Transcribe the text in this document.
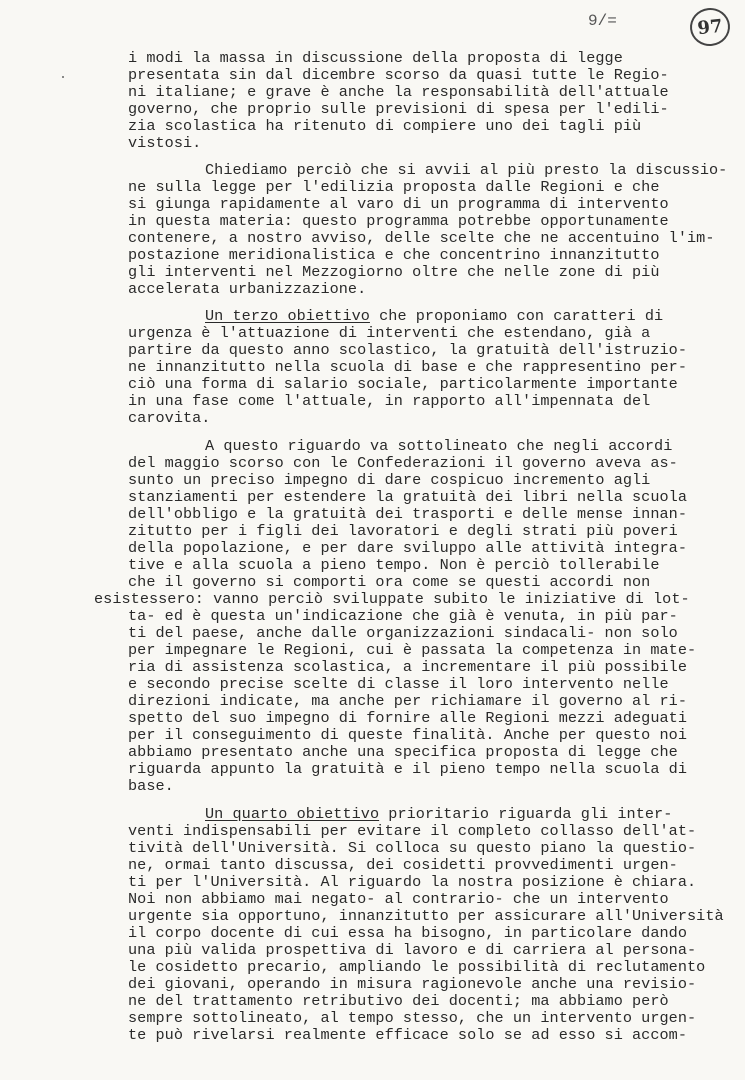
9/=	97
i modi la massa in discussione della proposta di legge
presentata sin dal dicembre scorso da quasi tutte le Regio-
ni italiane; e grave è anche la responsabilità dell'attuale
governo, che proprio sulle previsioni di spesa per l'edili-
zia scolastica ha ritenuto di compiere uno dei tagli più
vistosi.
Chiediamo perciò che si avvii al più presto la discussio-
ne sulla legge per l'edilizia proposta dalle Regioni e che
si giunga rapidamente al varo di un programma di intervento
in questa materia: questo programma potrebbe opportunamente
contenere, a nostro avviso, delle scelte che ne accentuino l'im-
postazione meridionalistica e che concentrino innanzitutto
gli interventi nel Mezzogiorno oltre che nelle zone di più
accelerata urbanizzazione.
Un terzo obiettivo che proponiamo con caratteri di
urgenza è l'attuazione di interventi che estendano, già a
partire da questo anno scolastico, la gratuità dell'istruzio-
ne innanzitutto nella scuola di base e che rappresentino per-
ciò una forma di salario sociale, particolarmente importante
in una fase come l'attuale, in rapporto all'impennata del
carovita.
A questo riguardo va sottolineato che negli accordi
del maggio scorso con le Confederazioni il governo aveva as-
sunto un preciso impegno di dare cospicuo incremento agli
stanziamenti per estendere la gratuità dei libri nella scuola
dell'obbligo e la gratuità dei trasporti e delle mense innan-
zitutto per i figli dei lavoratori e degli strati più poveri
della popolazione, e per dare sviluppo alle attività integra-
tive e alla scuola a pieno tempo. Non è perciò tollerabile
che il governo si comporti ora come se questi accordi non
esistessero: vanno perciò sviluppate subito le iniziative di lot-
ta- ed è questa un'indicazione che già è venuta, in più par-
ti del paese, anche dalle organizzazioni sindacali- non solo
per impegnare le Regioni, cui è passata la competenza in mate-
ria di assistenza scolastica, a incrementare il più possibile
e secondo precise scelte di classe il loro intervento nelle
direzioni indicate, ma anche per richiamare il governo al ri-
spetto del suo impegno di fornire alle Regioni mezzi adeguati
per il conseguimento di queste finalità. Anche per questo noi
abbiamo presentato anche una specifica proposta di legge che
riguarda appunto la gratuità e il pieno tempo nella scuola di
base.
Un quarto obiettivo prioritario riguarda gli inter-
venti indispensabili per evitare il completo collasso dell'at-
tività dell'Università. Si colloca su questo piano la questio-
ne, ormai tanto discussa, dei cosidetti provvedimenti urgen-
ti per l'Università. Al riguardo la nostra posizione è chiara.
Noi non abbiamo mai negato- al contrario- che un intervento
urgente sia opportuno, innanzitutto per assicurare all'Università
il corpo docente di cui essa ha bisogno, in particolare dando
una più valida prospettiva di lavoro e di carriera al persona-
le cosidetto precario, ampliando le possibilità di reclutamento
dei giovani, operando in misura ragionevole anche una revisio-
ne del trattamento retributivo dei docenti; ma abbiamo però
sempre sottolineato, al tempo stesso, che un intervento urgen-
te può rivelarsi realmente efficace solo se ad esso si accom-
